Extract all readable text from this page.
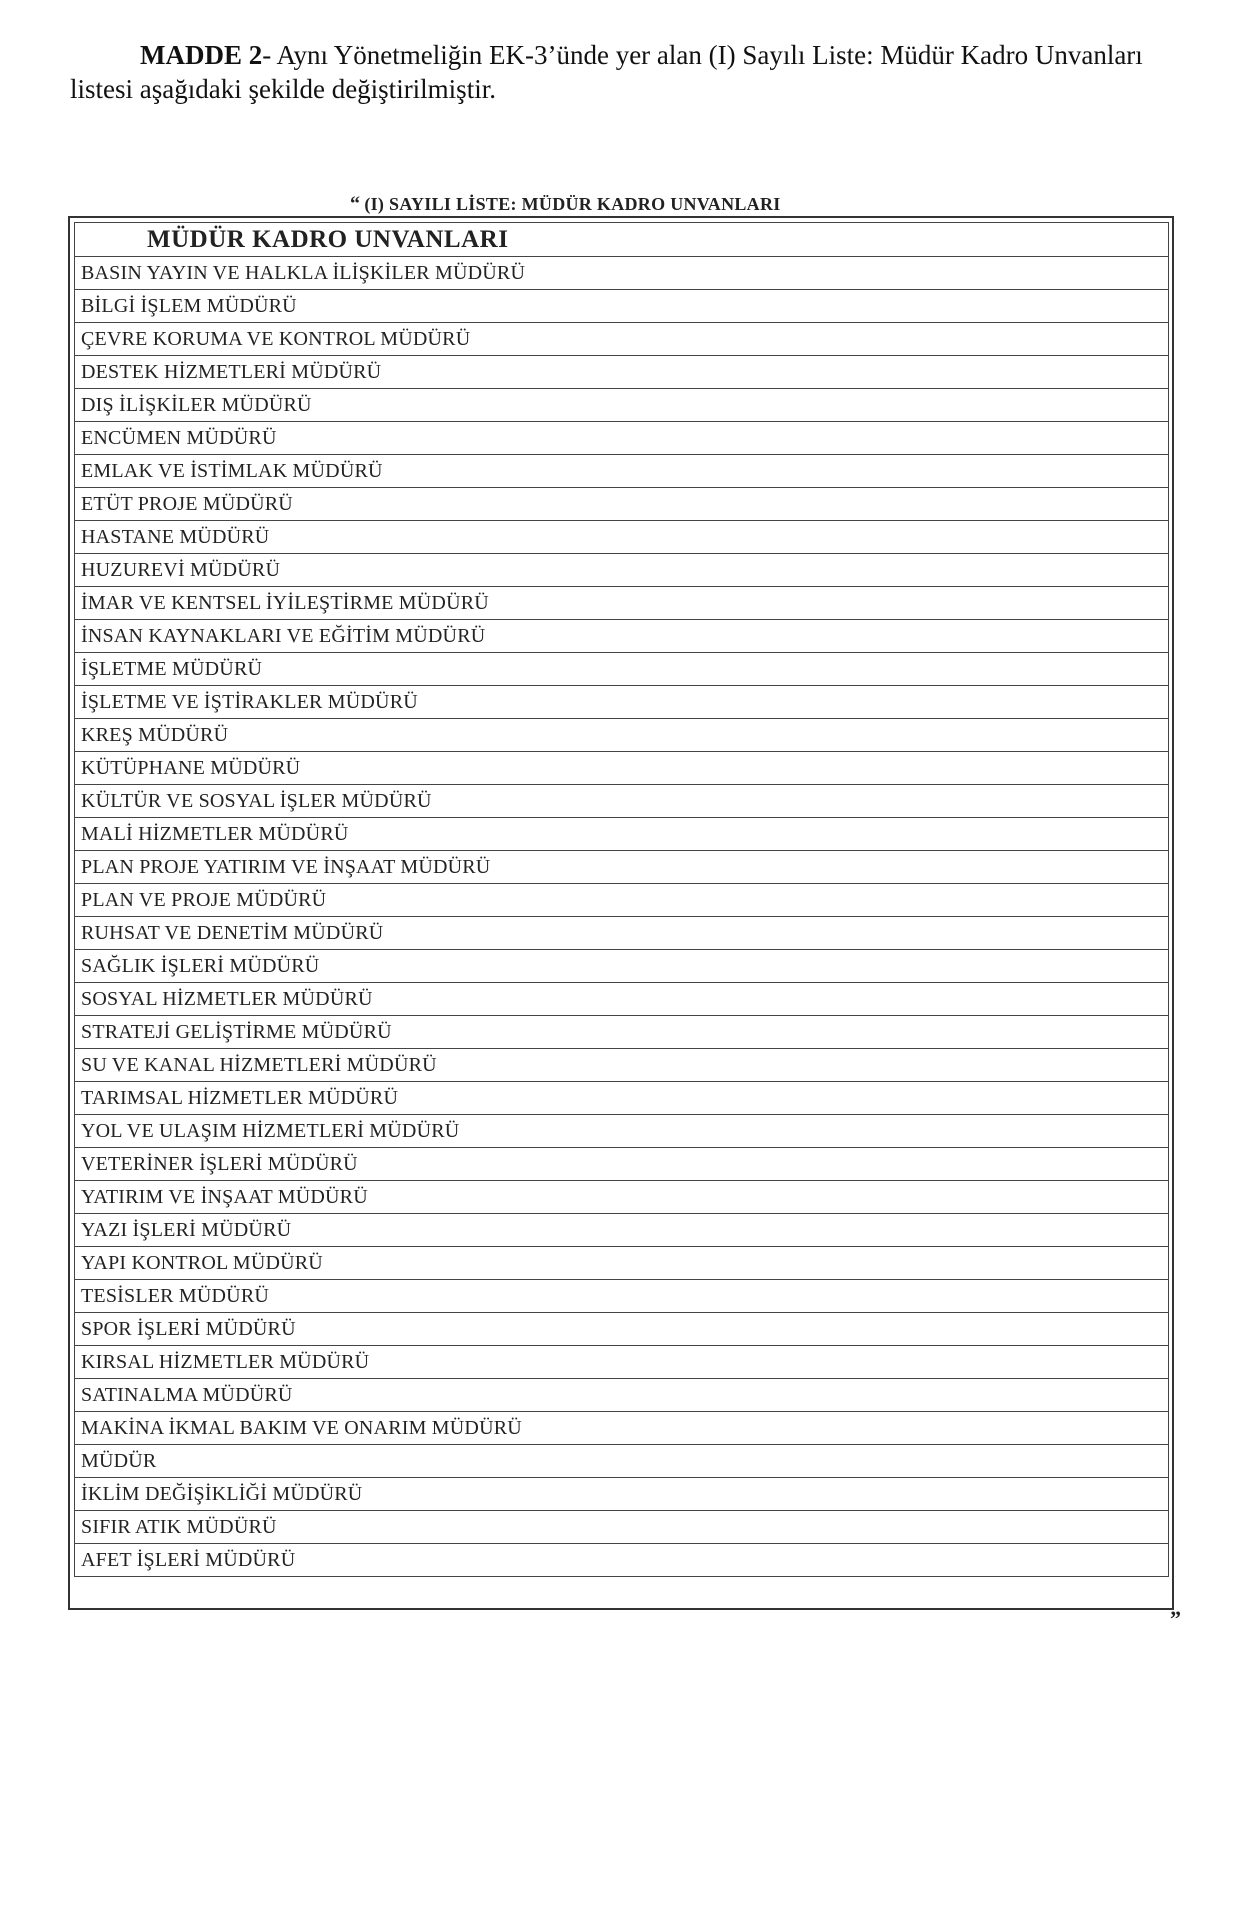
MADDE 2- Aynı Yönetmeliğin EK-3’ünde yer alan (I) Sayılı Liste: Müdür Kadro Unvanları listesi aşağıdaki şekilde değiştirilmiştir.

“ (I) SAYILI LİSTE: MÜDÜR KADRO UNVANLARI
MÜDÜR KADRO UNVANLARI
BASIN YAYIN VE HALKLA İLİŞKİLER MÜDÜRÜ
BİLGİ İŞLEM MÜDÜRÜ
ÇEVRE KORUMA VE KONTROL MÜDÜRÜ
DESTEK HİZMETLERİ MÜDÜRÜ
DIŞ İLİŞKİLER MÜDÜRÜ
ENCÜMEN MÜDÜRÜ
EMLAK VE İSTİMLAK MÜDÜRÜ
ETÜT PROJE MÜDÜRÜ
HASTANE MÜDÜRÜ
HUZUREVİ MÜDÜRÜ
İMAR VE KENTSEL İYİLEŞTİRME MÜDÜRÜ
İNSAN KAYNAKLARI VE EĞİTİM MÜDÜRÜ
İŞLETME MÜDÜRÜ
İŞLETME VE İŞTİRAKLER MÜDÜRÜ
KREŞ MÜDÜRÜ
KÜTÜPHANE MÜDÜRÜ
KÜLTÜR VE SOSYAL İŞLER MÜDÜRÜ
MALİ HİZMETLER MÜDÜRÜ
PLAN PROJE YATIRIM VE İNŞAAT MÜDÜRÜ
PLAN VE PROJE MÜDÜRÜ
RUHSAT VE DENETİM MÜDÜRÜ
SAĞLIK İŞLERİ MÜDÜRÜ
SOSYAL HİZMETLER MÜDÜRÜ
STRATEJİ GELİŞTİRME MÜDÜRÜ
SU VE KANAL HİZMETLERİ MÜDÜRÜ
TARIMSAL HİZMETLER MÜDÜRÜ
YOL VE ULAŞIM HİZMETLERİ MÜDÜRÜ
VETERİNER İŞLERİ MÜDÜRÜ
YATIRIM VE İNŞAAT MÜDÜRÜ
YAZI İŞLERİ MÜDÜRÜ
YAPI KONTROL MÜDÜRÜ
TESİSLER MÜDÜRÜ
SPOR İŞLERİ MÜDÜRÜ
KIRSAL HİZMETLER MÜDÜRÜ
SATINALMA MÜDÜRÜ
MAKİNA İKMAL BAKIM VE ONARIM MÜDÜRÜ
MÜDÜR
İKLİM DEĞİŞİKLİĞİ MÜDÜRÜ
SIFIR ATIK MÜDÜRÜ
AFET İŞLERİ MÜDÜRÜ
”
